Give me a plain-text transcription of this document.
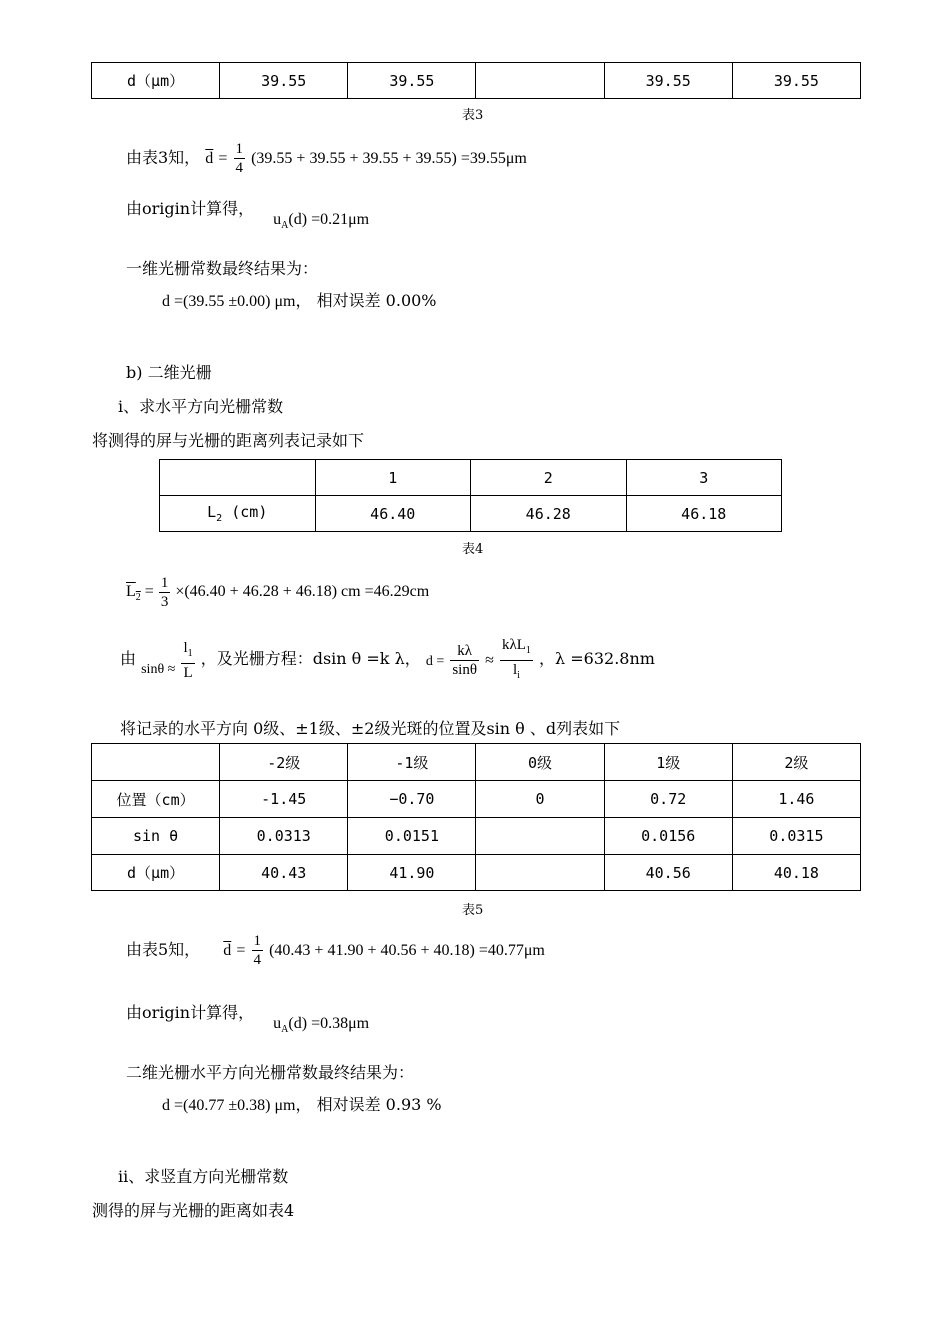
d（μm）	39.55	39.55		39.55	39.55
表3
由表3知， $\overline{d} = \frac{1}{4} (39.55 + 39.55 + 39.55 + 39.55) =39.55\mu m$
由origin计算得， $u_A(d) =0.21\mu m$
一维光栅常数最终结果为：
d =(39.55 ±0.00) μm， 相对误差 0.00%
b) 二维光栅
i、求水平方向光栅常数
将测得的屏与光栅的距离列表记录如下
	1	2	3
$L_2$ (cm)	46.40	46.28	46.18
表4
$L_2 = \frac{1}{3} \times(46.40 + 46.28 + 46.18)$ cm =46.29cm
由 $\sin\theta \approx \frac{l_1}{L}$ ，及光栅方程：dsin θ =k λ， $d = \frac{k\lambda}{\sin\theta} \approx \frac{k\lambda L_1}{l_i}$ ，λ =632.8nm
将记录的水平方向 0级、±1级、±2级光斑的位置及sin θ 、d列表如下
	-2级	-1级	0级	1级	2级
位置（cm）	-1.45	−0.70	0	0.72	1.46
sin θ	0.0313	0.0151		0.0156	0.0315
d（μm）	40.43	41.90		40.56	40.18
表5
由表5知， $\overline{d} = \frac{1}{4} (40.43 + 41.90 + 40.56 + 40.18) =40.77\mu m$
由origin计算得， $u_A(d) =0.38\mu m$
二维光栅水平方向光栅常数最终结果为：
d =(40.77 ±0.38) μm， 相对误差 0.93 %
ii、求竖直方向光栅常数
测得的屏与光栅的距离如表4
